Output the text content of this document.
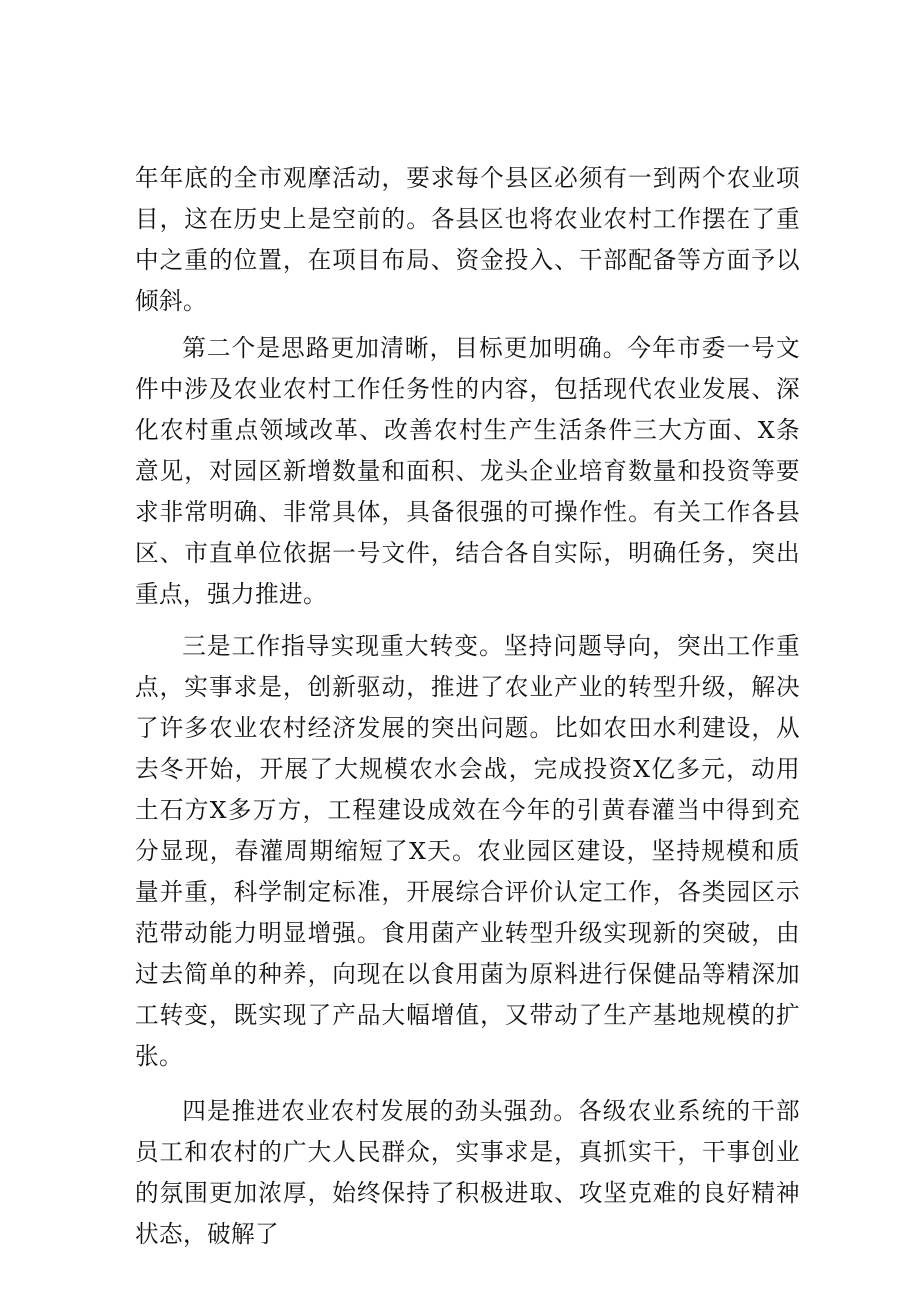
年年底的全市观摩活动，要求每个县区必须有一到两个农业项目，这在历史上是空前的。各县区也将农业农村工作摆在了重中之重的位置，在项目布局、资金投入、干部配备等方面予以倾斜。

第二个是思路更加清晰，目标更加明确。今年市委一号文件中涉及农业农村工作任务性的内容，包括现代农业发展、深化农村重点领域改革、改善农村生产生活条件三大方面、X条意见，对园区新增数量和面积、龙头企业培育数量和投资等要求非常明确、非常具体，具备很强的可操作性。有关工作各县区、市直单位依据一号文件，结合各自实际，明确任务，突出重点，强力推进。

三是工作指导实现重大转变。坚持问题导向，突出工作重点，实事求是，创新驱动，推进了农业产业的转型升级，解决了许多农业农村经济发展的突出问题。比如农田水利建设，从去冬开始，开展了大规模农水会战，完成投资X亿多元，动用土石方X多万方，工程建设成效在今年的引黄春灌当中得到充分显现，春灌周期缩短了X天。农业园区建设，坚持规模和质量并重，科学制定标准，开展综合评价认定工作，各类园区示范带动能力明显增强。食用菌产业转型升级实现新的突破，由过去简单的种养，向现在以食用菌为原料进行保健品等精深加工转变，既实现了产品大幅增值，又带动了生产基地规模的扩张。

四是推进农业农村发展的劲头强劲。各级农业系统的干部员工和农村的广大人民群众，实事求是，真抓实干，干事创业的氛围更加浓厚，始终保持了积极进取、攻坚克难的良好精神状态，破解了
